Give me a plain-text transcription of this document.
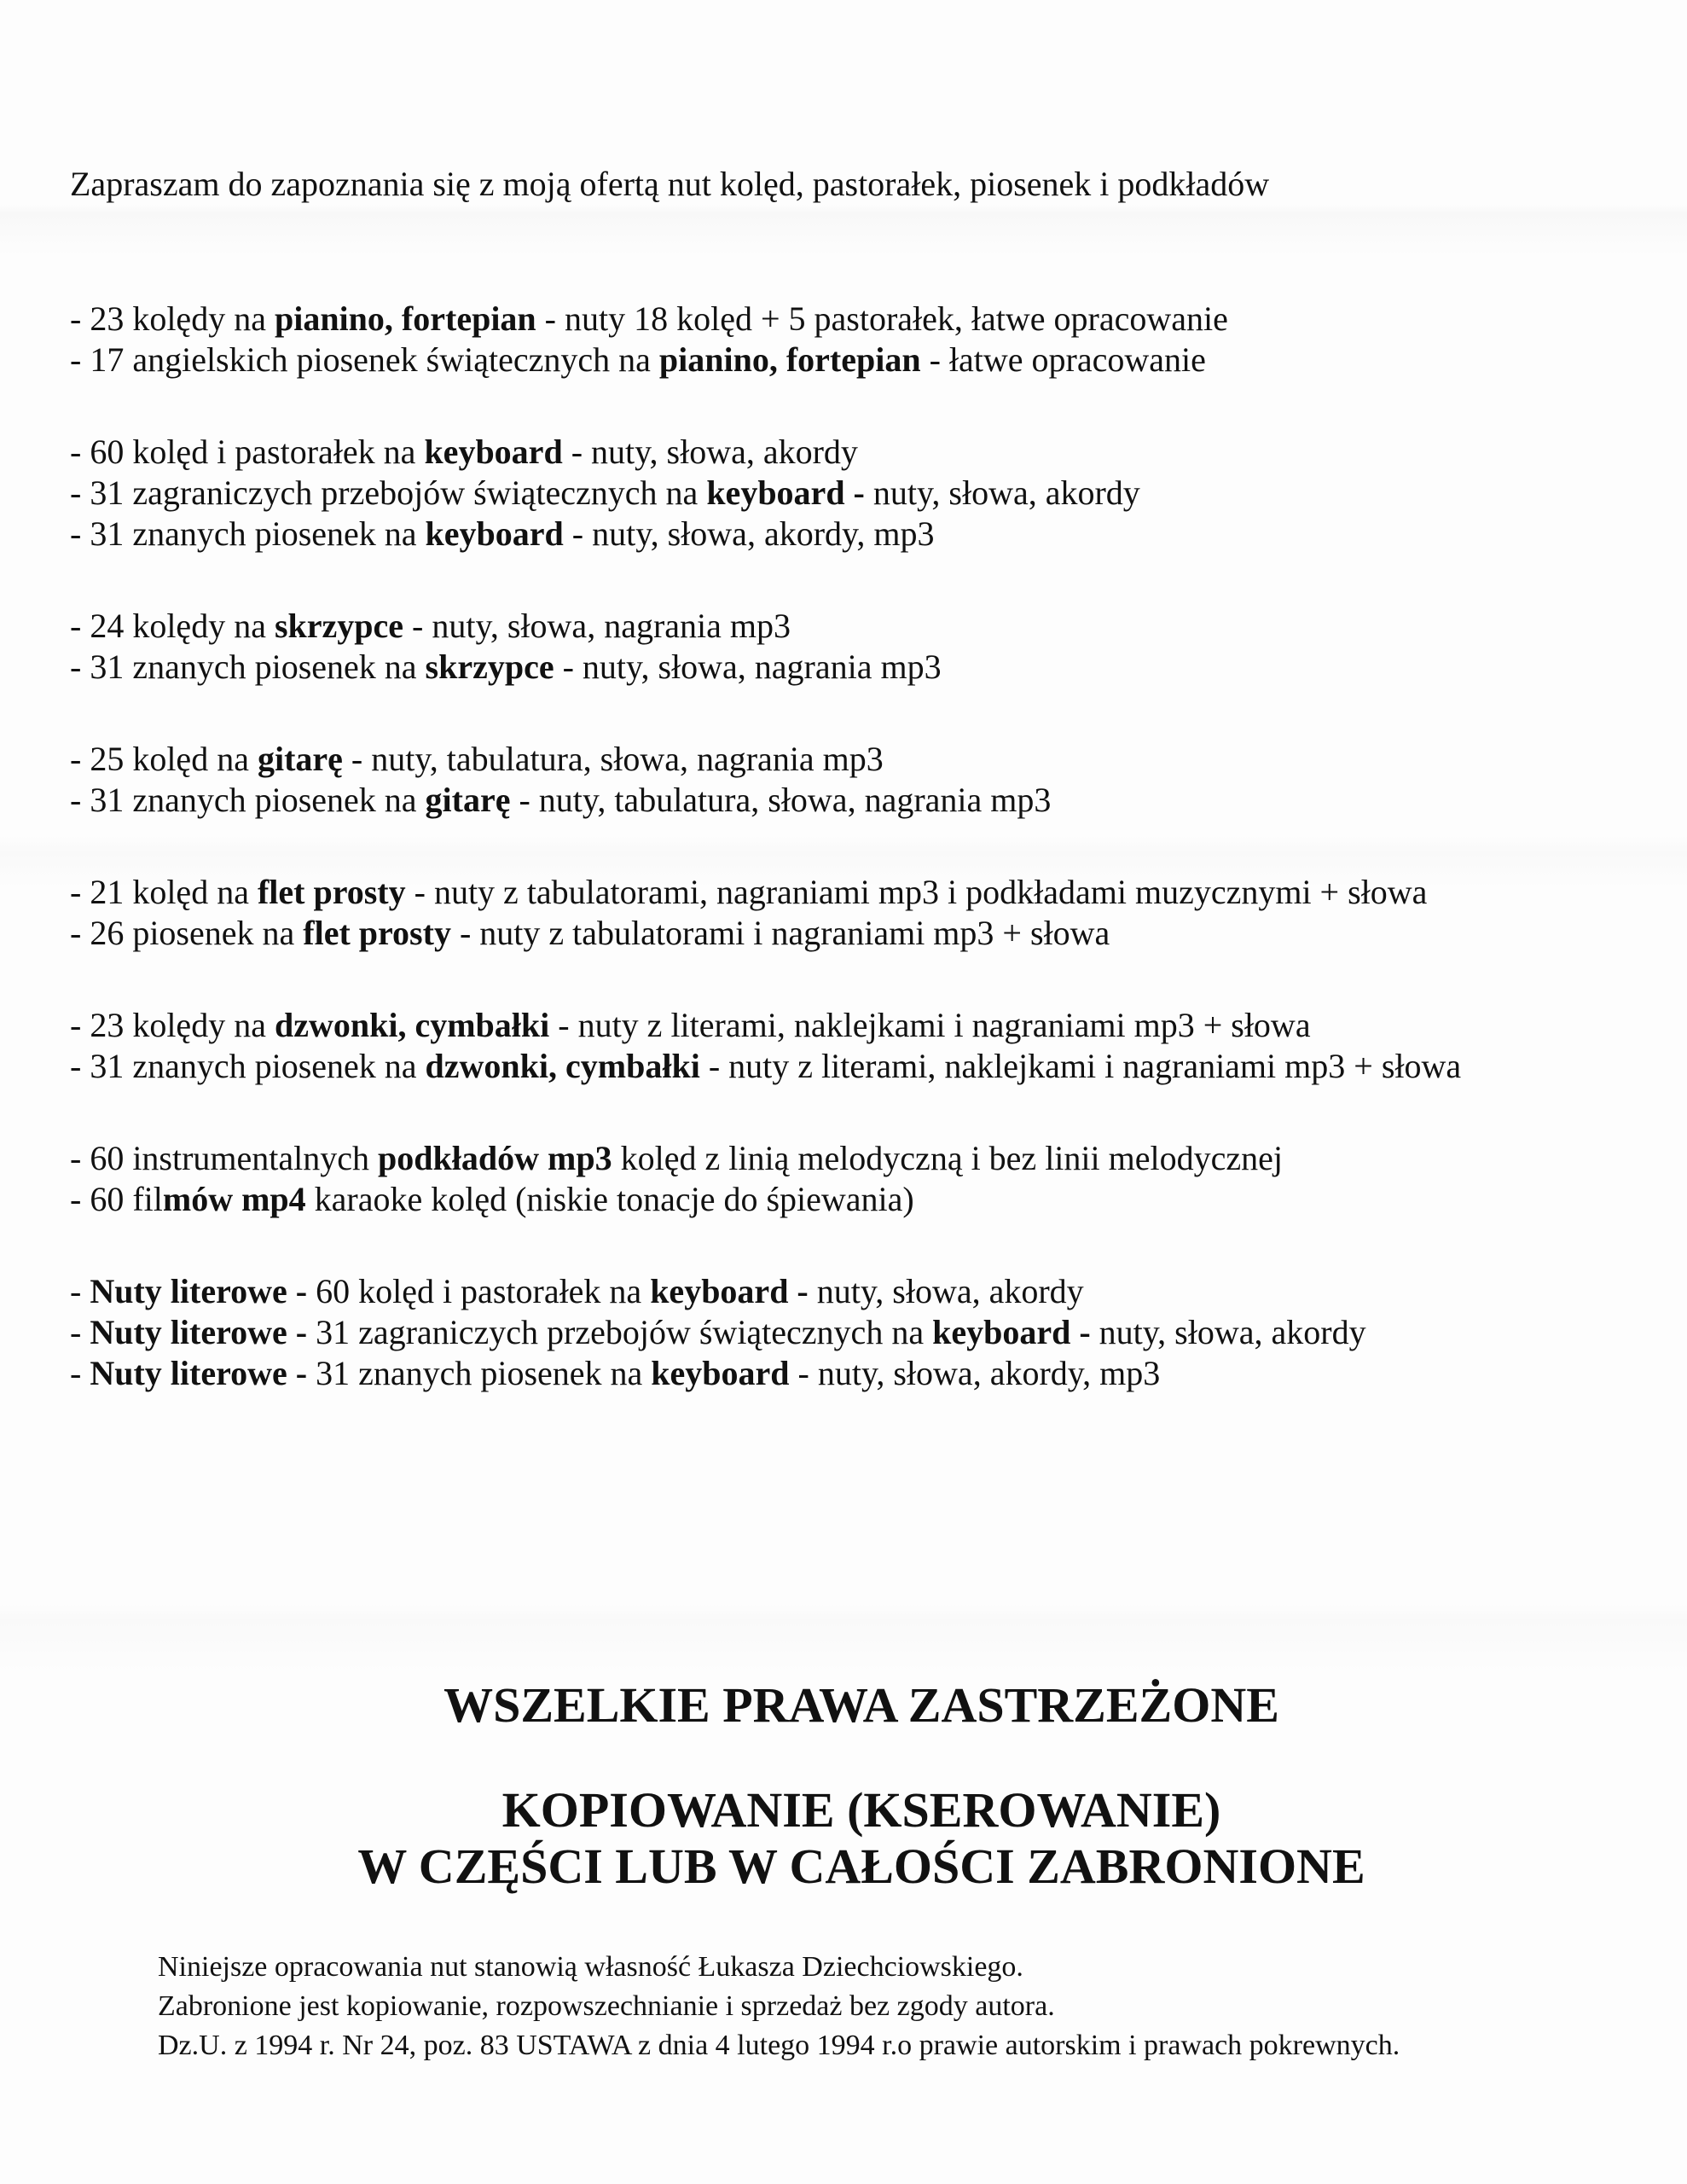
Zapraszam do zapoznania się z moją ofertą nut kolęd, pastorałek, piosenek i podkładów

- 23 kolędy na pianino, fortepian - nuty 18 kolęd + 5 pastorałek, łatwe opracowanie
- 17 angielskich piosenek świątecznych na pianino, fortepian - łatwe opracowanie
- 60 kolęd i pastorałek na keyboard - nuty, słowa, akordy
- 31 zagraniczych przebojów świątecznych na keyboard - nuty, słowa, akordy
- 31 znanych piosenek na keyboard - nuty, słowa, akordy, mp3
- 24 kolędy na skrzypce - nuty, słowa, nagrania mp3
- 31 znanych piosenek na skrzypce - nuty, słowa, nagrania mp3
- 25 kolęd na gitarę - nuty, tabulatura, słowa, nagrania mp3
- 31 znanych piosenek na gitarę - nuty, tabulatura, słowa, nagrania mp3
- 21 kolęd na flet prosty - nuty z tabulatorami, nagraniami mp3 i podkładami muzycznymi + słowa
- 26 piosenek na flet prosty - nuty z tabulatorami i nagraniami mp3 + słowa
- 23 kolędy na dzwonki, cymbałki - nuty z literami, naklejkami i nagraniami mp3 + słowa
- 31 znanych piosenek na dzwonki, cymbałki - nuty z literami, naklejkami i nagraniami mp3 + słowa
- 60 instrumentalnych podkładów mp3 kolęd z linią melodyczną i bez linii melodycznej
- 60 filmów mp4 karaoke kolęd (niskie tonacje do śpiewania)
- Nuty literowe - 60 kolęd i pastorałek na keyboard - nuty, słowa, akordy
- Nuty literowe - 31 zagraniczych przebojów świątecznych na keyboard - nuty, słowa, akordy
- Nuty literowe - 31 znanych piosenek na keyboard - nuty, słowa, akordy, mp3
WSZELKIE PRAWA ZASTRZEŻONE
KOPIOWANIE (KSEROWANIE)
W CZĘŚCI LUB W CAŁOŚCI ZABRONIONE
Niniejsze opracowania nut stanowią własność Łukasza Dziechciowskiego.
Zabronione jest kopiowanie, rozpowszechnianie i sprzedaż bez zgody autora.
Dz.U. z 1994 r. Nr 24, poz. 83 USTAWA z dnia 4 lutego 1994 r.o prawie autorskim i prawach pokrewnych.
